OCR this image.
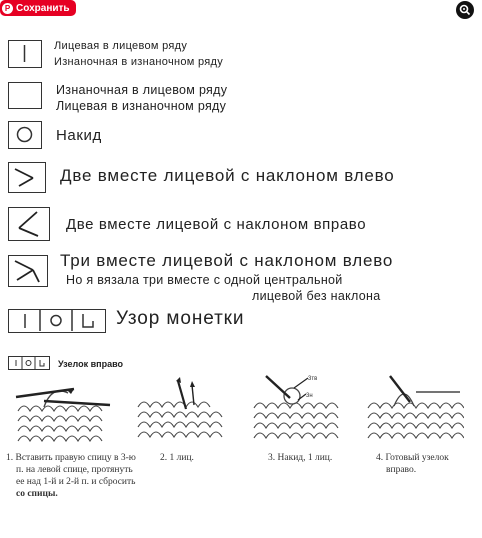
P Сохранить
Лицевая в лицевом ряду
Изнаночная в изнаночном ряду
Изнаночная в лицевом ряду
Лицевая в изнаночном ряду
Накид
Две вместе лицевой с наклоном влево
Две вместе лицевой с наклоном вправо
Три вместе лицевой с наклоном влево
Но я вязала три вместе с одной центральной
лицевой без наклона
Узор монетки
Узелок вправо
3тв
3н
1. Вставить правую спицу в 3-ю
п. на левой спице, протянуть
ее над 1-й и 2-й п. и сбросить
со спицы.
2. 1 лиц.	3. Накид, 1 лиц.	4. Готовый узелок
вправо.
